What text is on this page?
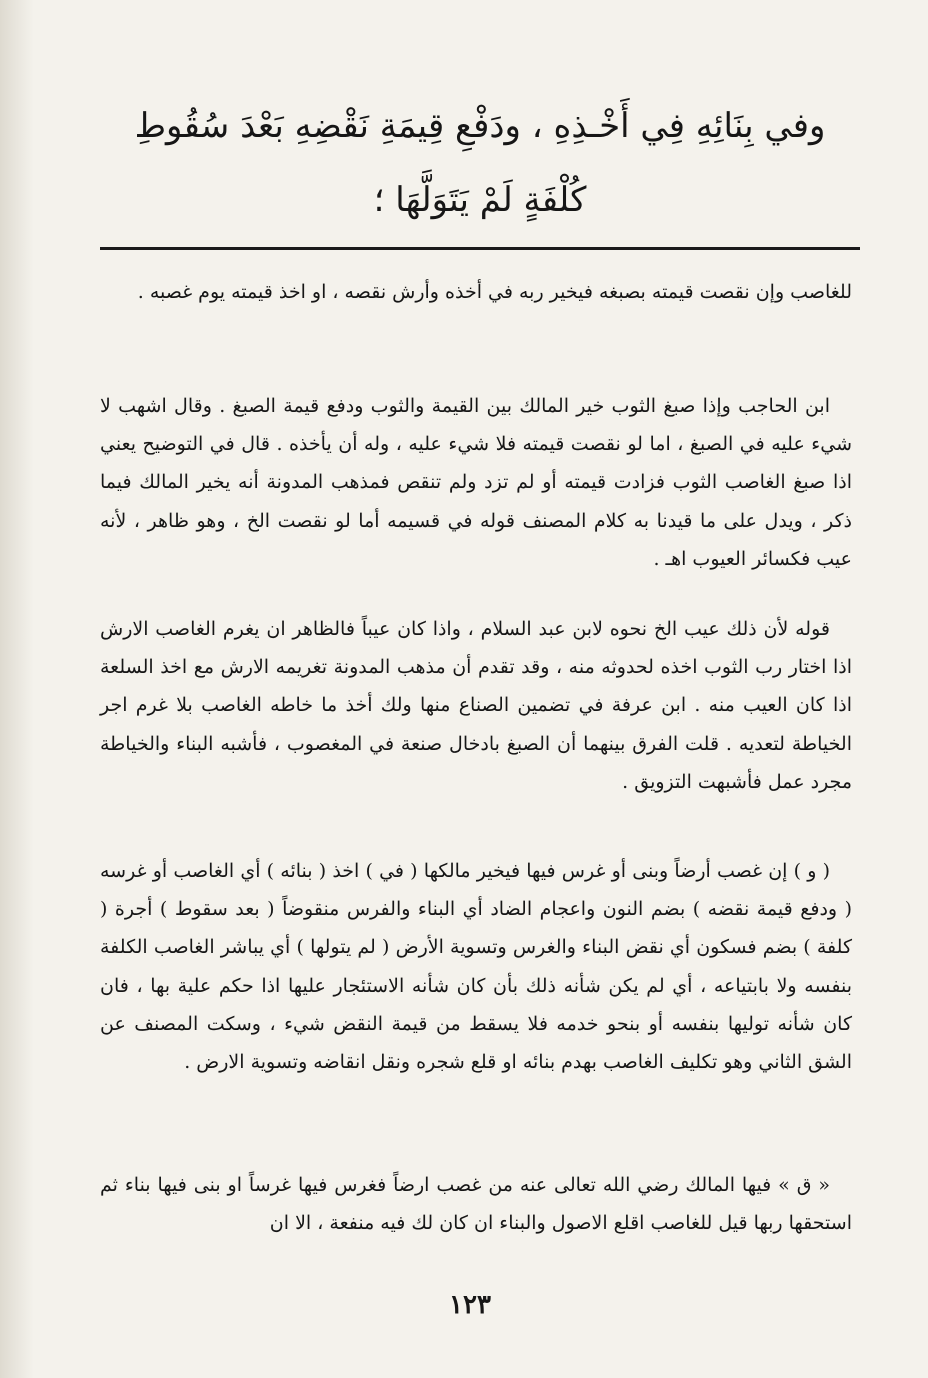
وفي بِنَائِهِ فِي أَخْـذِهِ ، ودَفْعِ قِيمَةِ نَقْضِهِ بَعْدَ سُقُوطِ
كُلْفَةٍ لَمْ يَتَوَلَّهَا ؛
للغاصب وإن نقصت قيمته بصبغه فيخير ربه في أخذه وأرش نقصه ، او اخذ قيمته يوم غصبه .
ابن الحاجب وإذا صبغ الثوب خير المالك بين القيمة والثوب ودفع قيمة الصبغ . وقال اشهب لا شيء عليه في الصبغ ، اما لو نقصت قيمته فلا شيء عليه ، وله أن يأخذه . قال في التوضيح يعني اذا صبغ الغاصب الثوب فزادت قيمته أو لم تزد ولم تنقص فمذهب المدونة أنه يخير المالك فيما ذكر ، ويدل على ما قيدنا به كلام المصنف قوله في قسيمه أما لو نقصت الخ ، وهو ظاهر ، لأنه عيب فكسائر العيوب اهـ .
قوله لأن ذلك عيب الخ نحوه لابن عبد السلام ، واذا كان عيباً فالظاهر ان يغرم الغاصب الارش اذا اختار رب الثوب اخذه لحدوثه منه ، وقد تقدم أن مذهب المدونة تغريمه الارش مع اخذ السلعة اذا كان العيب منه . ابن عرفة في تضمين الصناع منها ولك أخذ ما خاطه الغاصب بلا غرم اجر الخياطة لتعديه . قلت الفرق بينهما أن الصبغ بادخال صنعة في المغصوب ، فأشبه البناء والخياطة مجرد عمل فأشبهت التزويق .
( و ) إن غصب أرضاً وبنى أو غرس فيها فيخير مالكها ( في ) اخذ ( بنائه ) أي الغاصب أو غرسه ( ودفع قيمة نقضه ) بضم النون واعجام الضاد أي البناء والفرس منقوضاً ( بعد سقوط ) أجرة ( كلفة ) بضم فسكون أي نقض البناء والغرس وتسوية الأرض ( لم يتولها ) أي يباشر الغاصب الكلفة بنفسه ولا بابتياعه ، أي لم يكن شأنه ذلك بأن كان شأنه الاستئجار عليها اذا حكم علية بها ، فان كان شأنه توليها بنفسه أو بنحو خدمه فلا يسقط من قيمة النقض شيء ، وسكت المصنف عن الشق الثاني وهو تكليف الغاصب بهدم بنائه او قلع شجره ونقل انقاضه وتسوية الارض .
« ق » فيها المالك رضي الله تعالى عنه من غصب ارضاً فغرس فيها غرساً او بنى فيها بناء ثم استحقها ربها قيل للغاصب اقلع الاصول والبناء ان كان لك فيه منفعة ، الا ان
١٢٣
